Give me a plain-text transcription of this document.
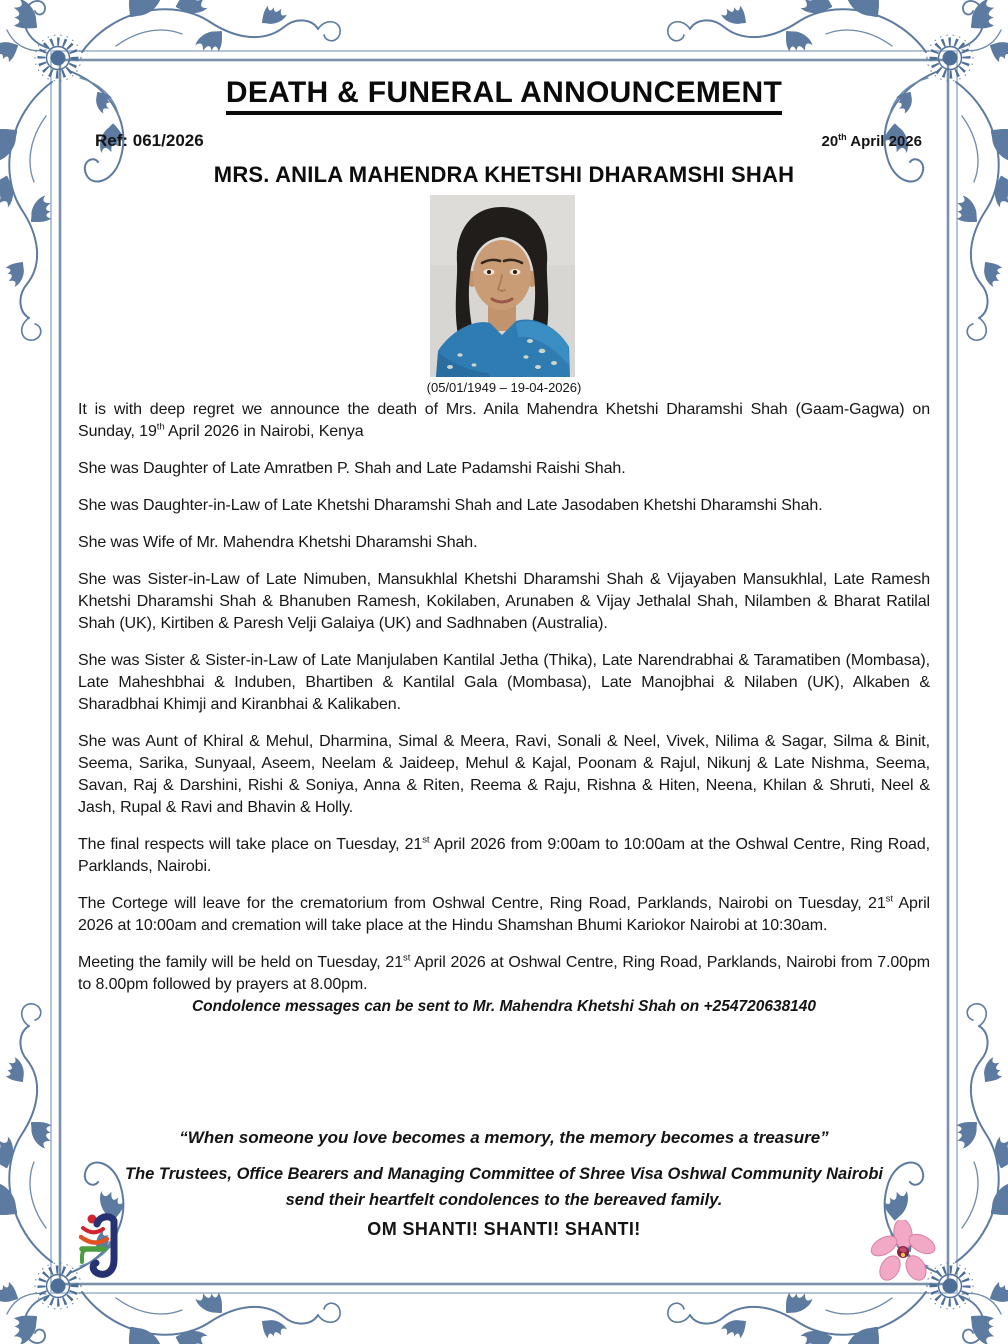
DEATH & FUNERAL ANNOUNCEMENT
Ref: 061/2026	20th April 2026
MRS. ANILA MAHENDRA KHETSHI DHARAMSHI SHAH
(05/01/1949 – 19-04-2026)

It is with deep regret we announce the death of Mrs. Anila Mahendra Khetshi Dharamshi Shah (Gaam-Gagwa) on Sunday, 19th April 2026 in Nairobi, Kenya

She was Daughter of Late Amratben P. Shah and Late Padamshi Raishi Shah.

She was Daughter-in-Law of Late Khetshi Dharamshi Shah and Late Jasodaben Khetshi Dharamshi Shah.

She was Wife of Mr. Mahendra Khetshi Dharamshi Shah.

She was Sister-in-Law of Late Nimuben, Mansukhlal Khetshi Dharamshi Shah & Vijayaben Mansukhlal, Late Ramesh Khetshi Dharamshi Shah & Bhanuben Ramesh, Kokilaben, Arunaben & Vijay Jethalal Shah, Nilamben & Bharat Ratilal Shah (UK), Kirtiben & Paresh Velji Galaiya (UK) and Sadhnaben (Australia).

She was Sister & Sister-in-Law of Late Manjulaben Kantilal Jetha (Thika), Late Narendrabhai & Taramatiben (Mombasa), Late Maheshbhai & Induben, Bhartiben & Kantilal Gala (Mombasa), Late Manojbhai & Nilaben (UK), Alkaben & Sharadbhai Khimji and Kiranbhai & Kalikaben.

She was Aunt of Khiral & Mehul, Dharmina, Simal & Meera, Ravi, Sonali & Neel, Vivek, Nilima & Sagar, Silma & Binit, Seema, Sarika, Sunyaal, Aseem, Neelam & Jaideep, Mehul & Kajal, Poonam & Rajul, Nikunj & Late Nishma, Seema, Savan, Raj & Darshini, Rishi & Soniya, Anna & Riten, Reema & Raju, Rishna & Hiten, Neena, Khilan & Shruti, Neel & Jash, Rupal & Ravi and Bhavin & Holly.

The final respects will take place on Tuesday, 21st April 2026 from 9:00am to 10:00am at the Oshwal Centre, Ring Road, Parklands, Nairobi.

The Cortege will leave for the crematorium from Oshwal Centre, Ring Road, Parklands, Nairobi on Tuesday, 21st April 2026 at 10:00am and cremation will take place at the Hindu Shamshan Bhumi Kariokor Nairobi at 10:30am.

Meeting the family will be held on Tuesday, 21st April 2026 at Oshwal Centre, Ring Road, Parklands, Nairobi from 7.00pm to 8.00pm followed by prayers at 8.00pm.

Condolence messages can be sent to Mr. Mahendra Khetshi Shah on +254720638140
“When someone you love becomes a memory, the memory becomes a treasure”
The Trustees, Office Bearers and Managing Committee of Shree Visa Oshwal Community Nairobi
send their heartfelt condolences to the bereaved family.
OM SHANTI! SHANTI! SHANTI!
